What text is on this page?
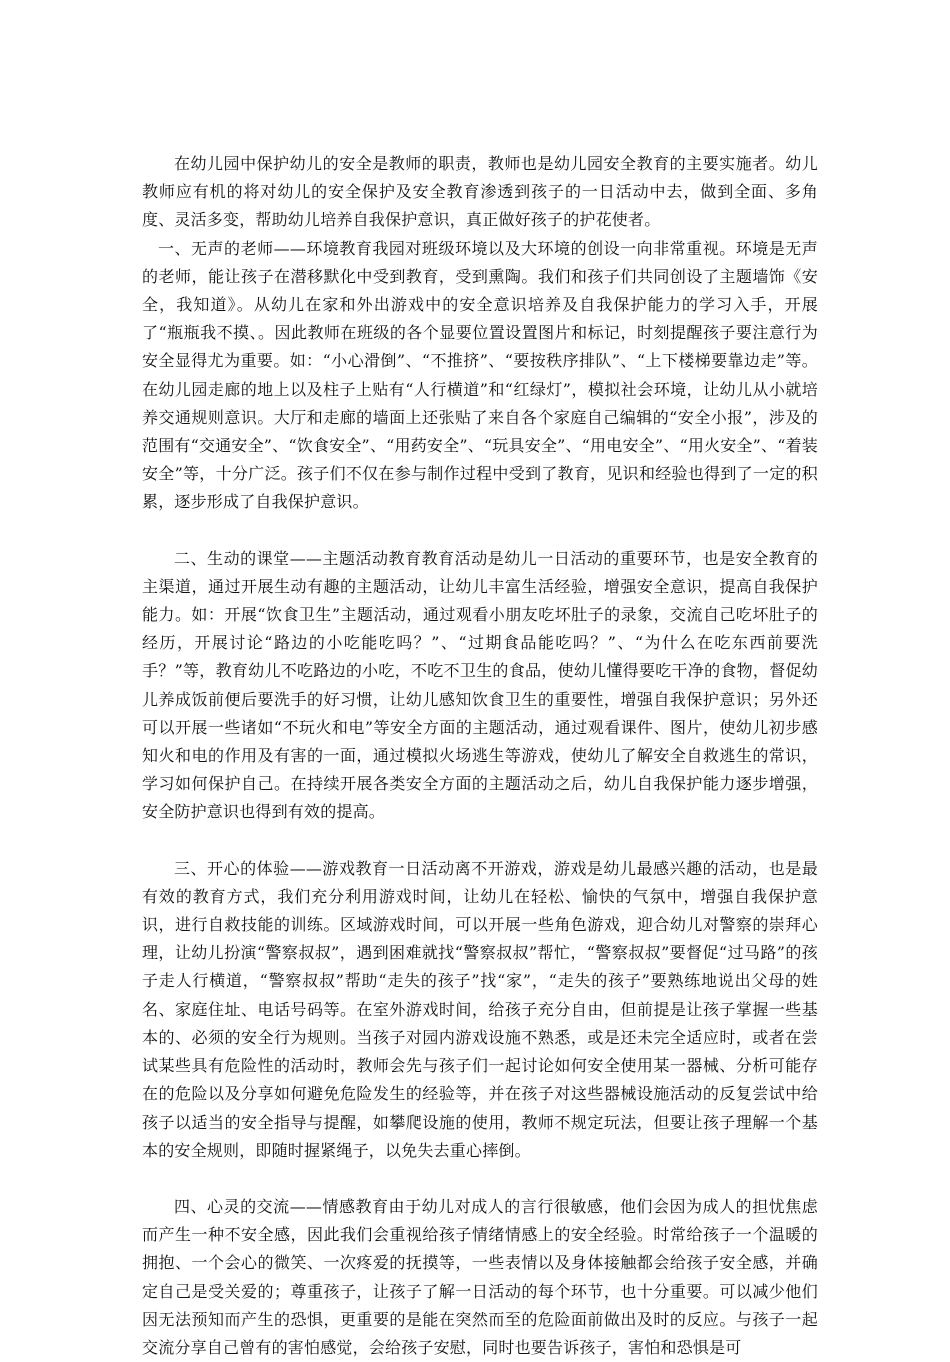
在幼儿园中保护幼儿的安全是教师的职责，教师也是幼儿园安全教育的主要实施者。幼儿教师应有机的将对幼儿的安全保护及安全教育渗透到孩子的一日活动中去，做到全面、多角度、灵活多变，帮助幼儿培养自我保护意识，真正做好孩子的护花使者。

一、无声的老师——环境教育我园对班级环境以及大环境的创设一向非常重视。环境是无声的老师，能让孩子在潜移默化中受到教育，受到熏陶。我们和孩子们共同创设了主题墙饰《安全，我知道》。从幼儿在家和外出游戏中的安全意识培养及自我保护能力的学习入手，开展了“瓶瓶我不摸、。因此教师在班级的各个显要位置设置图片和标记，时刻提醒孩子要注意行为安全显得尤为重要。如：“小心滑倒”、“不推挤”、“要按秩序排队”、“上下楼梯要靠边走”等。在幼儿园走廊的地上以及柱子上贴有“人行横道”和“红绿灯”，模拟社会环境，让幼儿从小就培养交通规则意识。大厅和走廊的墙面上还张贴了来自各个家庭自己编辑的“安全小报”，涉及的范围有“交通安全”、“饮食安全”、“用药安全”、“玩具安全”、“用电安全”、“用火安全”、“着装安全”等，十分广泛。孩子们不仅在参与制作过程中受到了教育，见识和经验也得到了一定的积累，逐步形成了自我保护意识。

二、生动的课堂——主题活动教育教育活动是幼儿一日活动的重要环节，也是安全教育的主渠道，通过开展生动有趣的主题活动，让幼儿丰富生活经验，增强安全意识，提高自我保护能力。如：开展“饮食卫生”主题活动，通过观看小朋友吃坏肚子的录象，交流自己吃坏肚子的经历，开展讨论“路边的小吃能吃吗？”、“过期食品能吃吗？”、“为什么在吃东西前要洗手？”等，教育幼儿不吃路边的小吃，不吃不卫生的食品，使幼儿懂得要吃干净的食物，督促幼儿养成饭前便后要洗手的好习惯，让幼儿感知饮食卫生的重要性，增强自我保护意识；另外还可以开展一些诸如“不玩火和电”等安全方面的主题活动，通过观看课件、图片，使幼儿初步感知火和电的作用及有害的一面，通过模拟火场逃生等游戏，使幼儿了解安全自救逃生的常识，学习如何保护自己。在持续开展各类安全方面的主题活动之后，幼儿自我保护能力逐步增强，安全防护意识也得到有效的提高。

三、开心的体验——游戏教育一日活动离不开游戏，游戏是幼儿最感兴趣的活动，也是最有效的教育方式，我们充分利用游戏时间，让幼儿在轻松、愉快的气氛中，增强自我保护意识，进行自救技能的训练。区域游戏时间，可以开展一些角色游戏，迎合幼儿对警察的崇拜心理，让幼儿扮演“警察叔叔”，遇到困难就找“警察叔叔”帮忙，“警察叔叔”要督促“过马路”的孩子走人行横道，“警察叔叔”帮助“走失的孩子”找“家”，“走失的孩子”要熟练地说出父母的姓名、家庭住址、电话号码等。在室外游戏时间，给孩子充分自由，但前提是让孩子掌握一些基本的、必须的安全行为规则。当孩子对园内游戏设施不熟悉，或是还未完全适应时，或者在尝试某些具有危险性的活动时，教师会先与孩子们一起讨论如何安全使用某一器械、分析可能存在的危险以及分享如何避免危险发生的经验等，并在孩子对这些器械设施活动的反复尝试中给孩子以适当的安全指导与提醒，如攀爬设施的使用，教师不规定玩法，但要让孩子理解一个基本的安全规则，即随时握紧绳子，以免失去重心摔倒。

四、心灵的交流——情感教育由于幼儿对成人的言行很敏感，他们会因为成人的担忧焦虑而产生一种不安全感，因此我们会重视给孩子情绪情感上的安全经验。时常给孩子一个温暖的拥抱、一个会心的微笑、一次疼爱的抚摸等，一些表情以及身体接触都会给孩子安全感，并确定自己是受关爱的；尊重孩子，让孩子了解一日活动的每个环节，也十分重要。可以减少他们因无法预知而产生的恐惧，更重要的是能在突然而至的危险面前做出及时的反应。与孩子一起交流分享自己曾有的害怕感觉，会给孩子安慰，同时也要告诉孩子，害怕和恐惧是可
